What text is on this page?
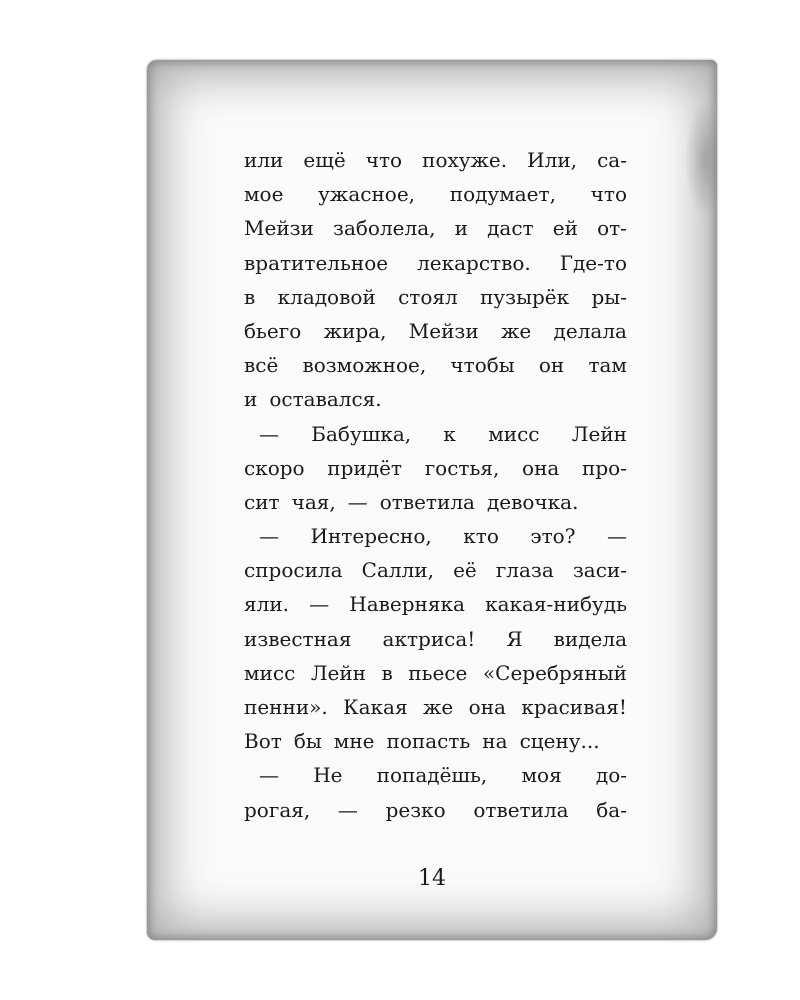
или ещё что похуже. Или, са-
мое ужасное, подумает, что
Мейзи заболела, и даст ей от-
вратительное лекарство. Где-то
в кладовой стоял пузырёк ры-
бьего жира, Мейзи же делала
всё возможное, чтобы он там
и оставался.
— Бабушка, к мисс Лейн
скоро придёт гостья, она про-
сит чая, — ответила девочка.
— Интересно, кто это? —
спросила Салли, её глаза заси-
яли. — Наверняка какая-нибудь
известная актриса! Я видела
мисс Лейн в пьесе «Серебряный
пенни». Какая же она красивая!
Вот бы мне попасть на сцену...
— Не попадёшь, моя до-
рогая, — резко ответила ба-
14
